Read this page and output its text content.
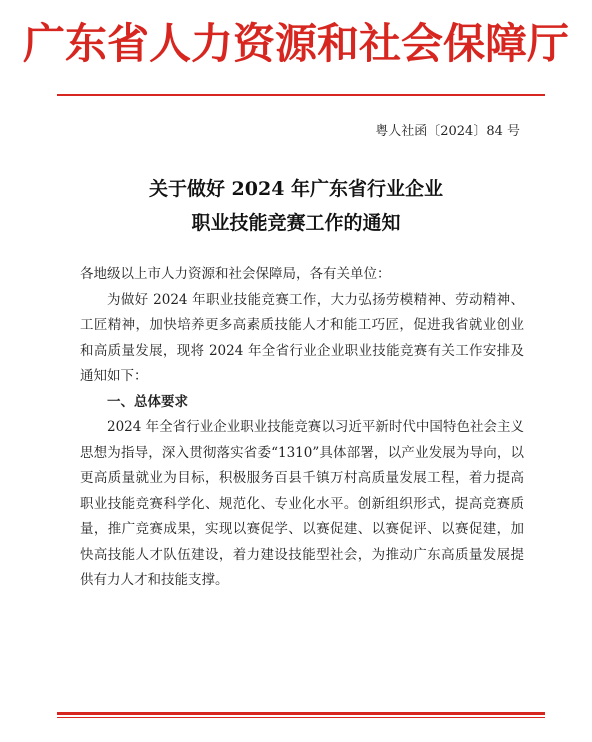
广东省人力资源和社会保障厅
粤人社函〔2024〕84 号
关于做好 2024 年广东省行业企业
职业技能竞赛工作的通知

各地级以上市人力资源和社会保障局，各有关单位：

为做好 2024 年职业技能竞赛工作，大力弘扬劳模精神、劳动精神、工匠精神，加快培养更多高素质技能人才和能工巧匠，促进我省就业创业和高质量发展，现将 2024 年全省行业企业职业技能竞赛有关工作安排及通知如下：

一、总体要求

2024 年全省行业企业职业技能竞赛以习近平新时代中国特色社会主义思想为指导，深入贯彻落实省委“1310”具体部署，以产业发展为导向，以更高质量就业为目标，积极服务百县千镇万村高质量发展工程，着力提高职业技能竞赛科学化、规范化、专业化水平。创新组织形式，提高竞赛质量，推广竞赛成果，实现以赛促学、以赛促建、以赛促评、以赛促建，加快高技能人才队伍建设，着力建设技能型社会，为推动广东高质量发展提供有力人才和技能支撑。
